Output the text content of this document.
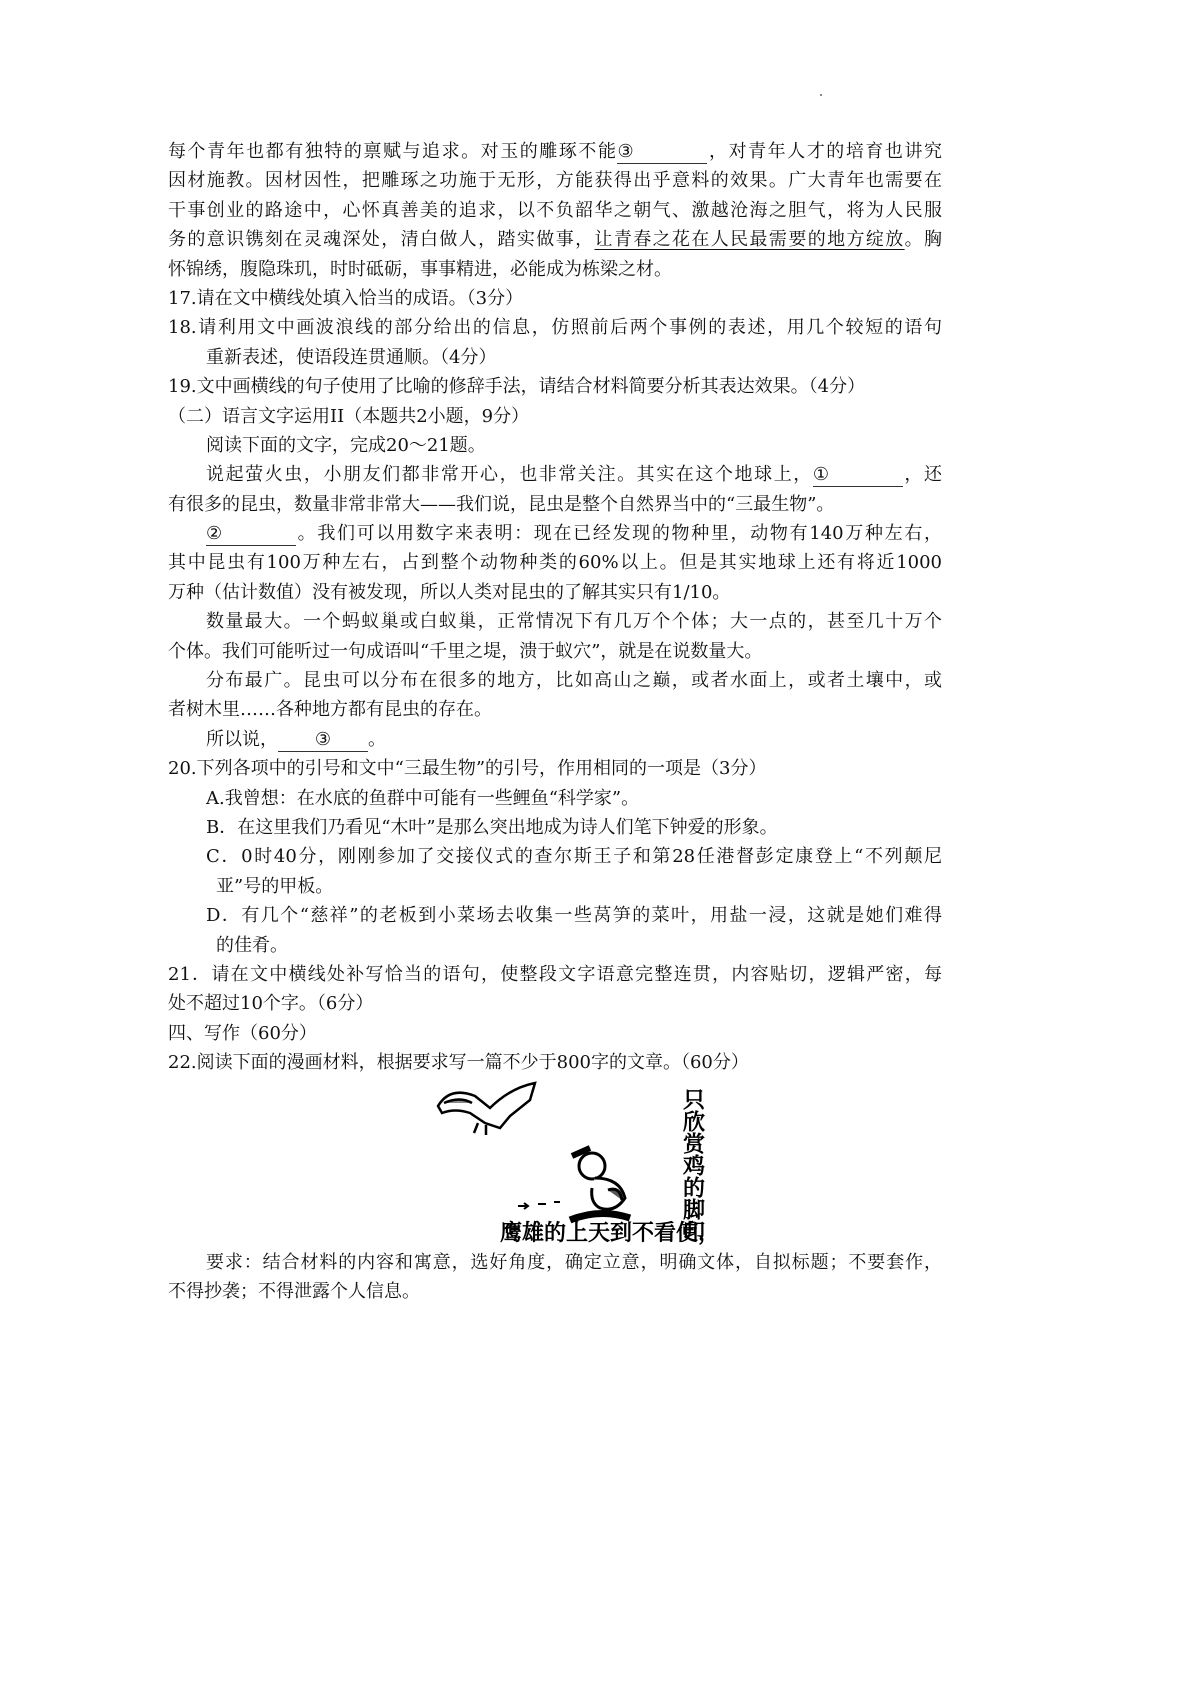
每个青年也都有独特的禀赋与追求。对玉的雕琢不能③	，对青年人才的培育也讲究
因材施教。因材因性，把雕琢之功施于无形，方能获得出乎意料的效果。广大青年也需要在
干事创业的路途中，心怀真善美的追求，以不负韶华之朝气、激越沧海之胆气，将为人民服
务的意识镌刻在灵魂深处，清白做人，踏实做事，让青春之花在人民最需要的地方绽放。胸
怀锦绣，腹隐珠玑，时时砥砺，事事精进，必能成为栋梁之材。
17.请在文中横线处填入恰当的成语。（3分）
18.请利用文中画波浪线的部分给出的信息，仿照前后两个事例的表述，用几个较短的语句
重新表述，使语段连贯通顺。（4分）
19.文中画横线的句子使用了比喻的修辞手法，请结合材料简要分析其表达效果。（4分）
（二）语言文字运用II（本题共2小题，9分）
阅读下面的文字，完成20～21题。
说起萤火虫，小朋友们都非常开心，也非常关注。其实在这个地球上，①	，还
有很多的昆虫，数量非常非常大——我们说，昆虫是整个自然界当中的“三最生物”。
②	。我们可以用数字来表明：现在已经发现的物种里，动物有140万种左右，
其中昆虫有100万种左右，占到整个动物种类的60%以上。但是其实地球上还有将近1000
万种（估计数值）没有被发现，所以人类对昆虫的了解其实只有1/10。
数量最大。一个蚂蚁巢或白蚁巢，正常情况下有几万个个体；大一点的，甚至几十万个
个体。我们可能听过一句成语叫“千里之堤，溃于蚁穴”，就是在说数量大。
分布最广。昆虫可以分布在很多的地方，比如高山之巅，或者水面上，或者土壤中，或
者树木里……各种地方都有昆虫的存在。
所以说， ③ 。
20.下列各项中的引号和文中“三最生物”的引号，作用相同的一项是（3分）
A.我曾想：在水底的鱼群中可能有一些鲤鱼“科学家”。
B．在这里我们乃看见“木叶”是那么突出地成为诗人们笔下钟爱的形象。
C．0时40分，刚刚参加了交接仪式的查尔斯王子和第28任港督彭定康登上“不列颠尼
亚”号的甲板。
D．有几个“慈祥”的老板到小菜场去收集一些莴笋的菜叶，用盐一浸，这就是她们难得
的佳肴。
21．请在文中横线处补写恰当的语句，使整段文字语意完整连贯，内容贴切，逻辑严密，每
处不超过10个字。（6分）
四、写作（60分）
22.阅读下面的漫画材料，根据要求写一篇不少于800字的文章。（60分）
鹰雄的上天到不看使，
只欣赏鸡的脚印
要求：结合材料的内容和寓意，选好角度，确定立意，明确文体，自拟标题；不要套作，
不得抄袭；不得泄露个人信息。
